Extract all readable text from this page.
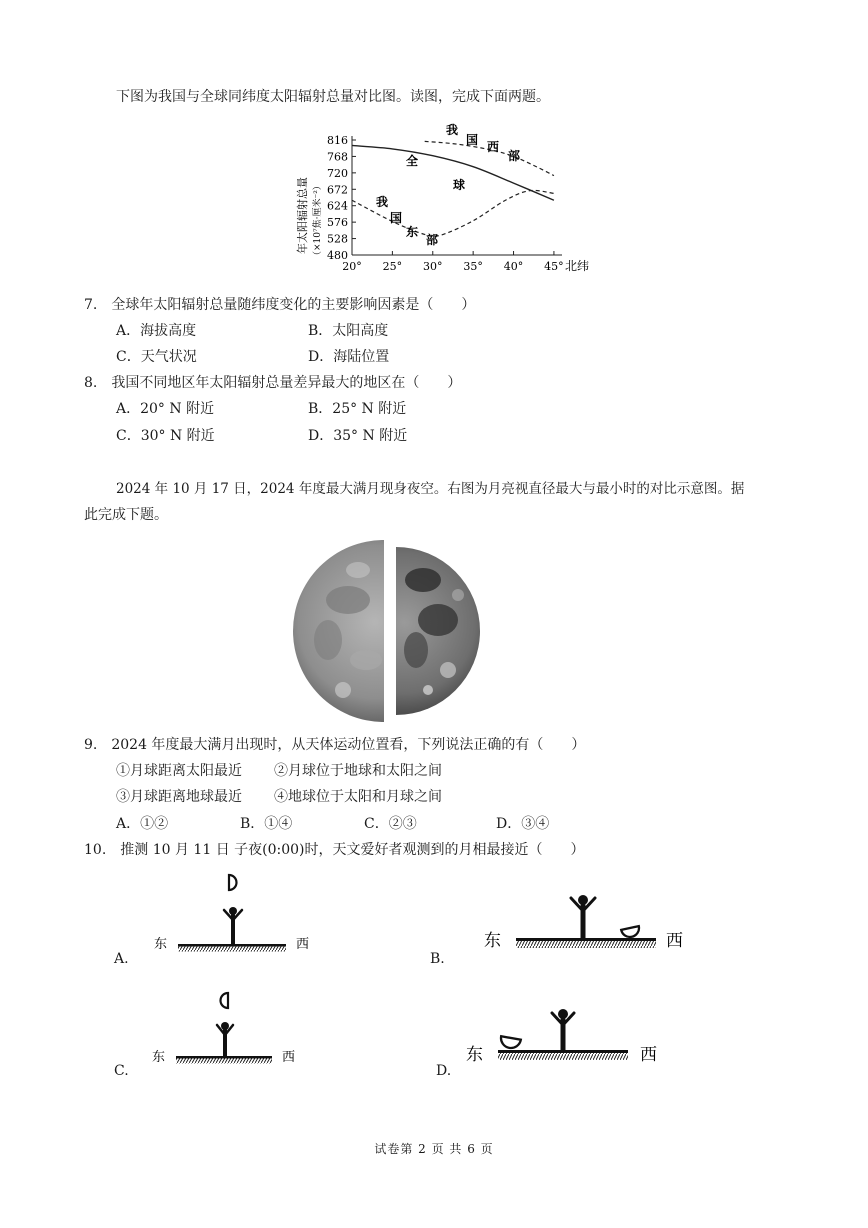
下图为我国与全球同纬度太阳辐射总量对比图。读图，完成下面两题。
年太阳辐射总量 （×10⁷焦·厘米⁻²）
816
768
720
672
624
576
528
480
20° 25° 30° 35° 40° 45°
全
球
我
国 西
部
我
国
东
部
北纬
7.　全球年太阳辐射总量随纬度变化的主要影响因素是（　　）
A．海拔高度	B．太阳高度
C．天气状况	D．海陆位置
8.　我国不同地区年太阳辐射总量差异最大的地区在（　　）
A．20° N 附近	B．25° N 附近
C．30° N 附近	D．35° N 附近
2024 年 10 月 17 日，2024 年度最大满月现身夜空。右图为月亮视直径最大与最小时的对比示意图。据
此完成下题。
9.　2024 年度最大满月出现时，从天体运动位置看，下列说法正确的有（　　）
①月球距离太阳最近 ②月球位于地球和太阳之间
③月球距离地球最近 ④地球位于太阳和月球之间
A．①②	B．①④	C．②③	D．③④
10.　推测 10 月 11 日 子夜(0:00)时，天文爱好者观测到的月相最接近（　　）
A.
东	西
B.
东	西
C.
东	西
D.
东	西
试卷第 2 页 共 6 页
